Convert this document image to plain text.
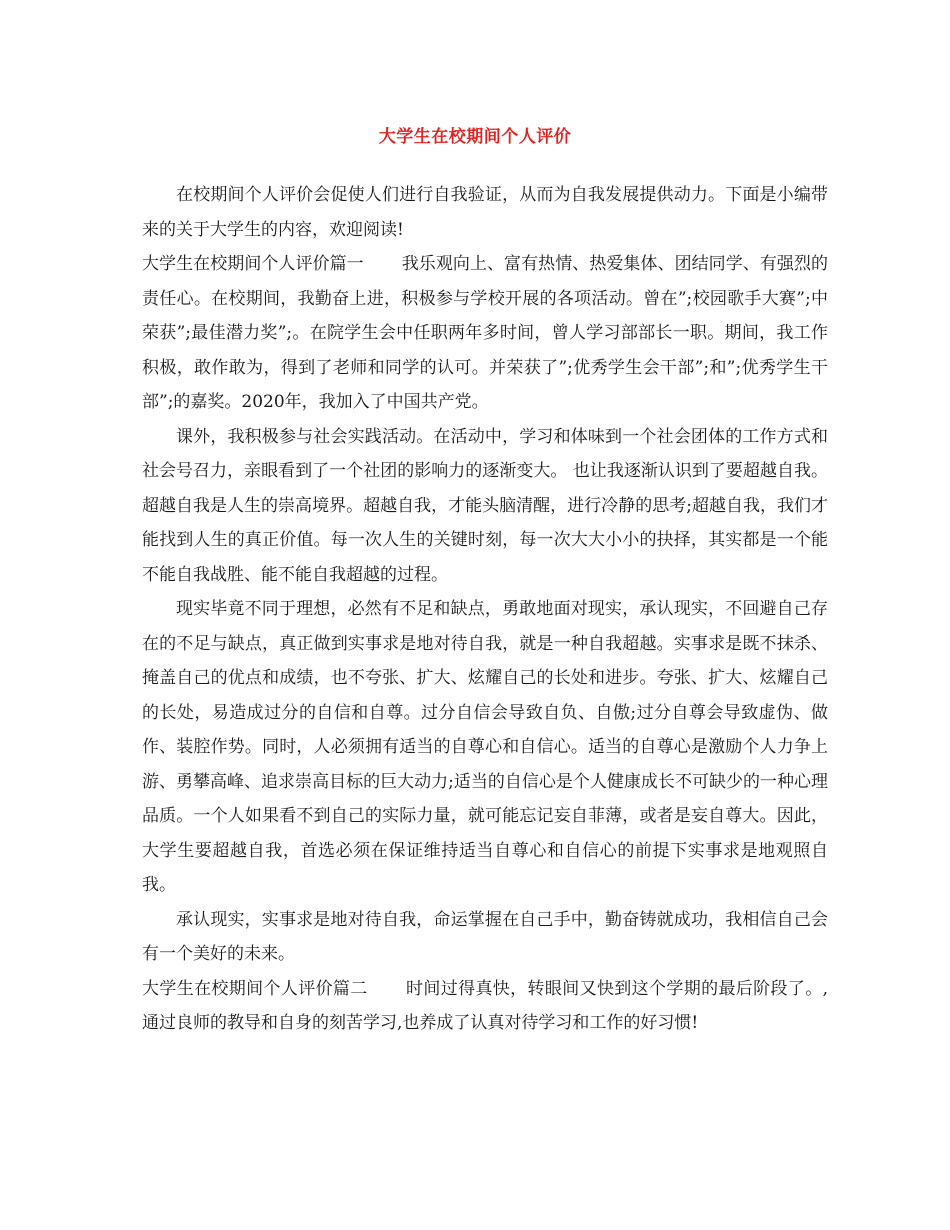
大学生在校期间个人评价

在校期间个人评价会促使人们进行自我验证，从而为自我发展提供动力。下面是小编带来的关于大学生的内容，欢迎阅读!

大学生在校期间个人评价篇一 我乐观向上、富有热情、热爱集体、团结同学、有强烈的责任心。在校期间，我勤奋上进，积极参与学校开展的各项活动。曾在”;校园歌手大赛”;中荣获”;最佳潜力奖”;。在院学生会中任职两年多时间，曾人学习部部长一职。期间，我工作积极，敢作敢为，得到了老师和同学的认可。并荣获了”;优秀学生会干部”;和”;优秀学生干部”;的嘉奖。2020年，我加入了中国共产党。

课外，我积极参与社会实践活动。在活动中，学习和体味到一个社会团体的工作方式和社会号召力，亲眼看到了一个社团的影响力的逐渐变大。 也让我逐渐认识到了要超越自我。 超越自我是人生的崇高境界。超越自我，才能头脑清醒，进行冷静的思考;超越自我，我们才能找到人生的真正价值。每一次人生的关键时刻，每一次大大小小的抉择，其实都是一个能不能自我战胜、能不能自我超越的过程。

现实毕竟不同于理想，必然有不足和缺点，勇敢地面对现实，承认现实，不回避自己存在的不足与缺点，真正做到实事求是地对待自我，就是一种自我超越。实事求是既不抹杀、掩盖自己的优点和成绩，也不夸张、扩大、炫耀自己的长处和进步。夸张、扩大、炫耀自己的长处，易造成过分的自信和自尊。过分自信会导致自负、自傲;过分自尊会导致虚伪、做作、装腔作势。同时，人必须拥有适当的自尊心和自信心。适当的自尊心是激励个人力争上游、勇攀高峰、追求崇高目标的巨大动力;适当的自信心是个人健康成长不可缺少的一种心理品质。一个人如果看不到自己的实际力量，就可能忘记妄自菲薄，或者是妄自尊大。因此，大学生要超越自我，首选必须在保证维持适当自尊心和自信心的前提下实事求是地观照自我。

承认现实，实事求是地对待自我，命运掌握在自己手中，勤奋铸就成功，我相信自己会有一个美好的未来。

大学生在校期间个人评价篇二 时间过得真快，转眼间又快到这个学期的最后阶段了。,通过良师的教导和自身的刻苦学习,也养成了认真对待学习和工作的好习惯!
